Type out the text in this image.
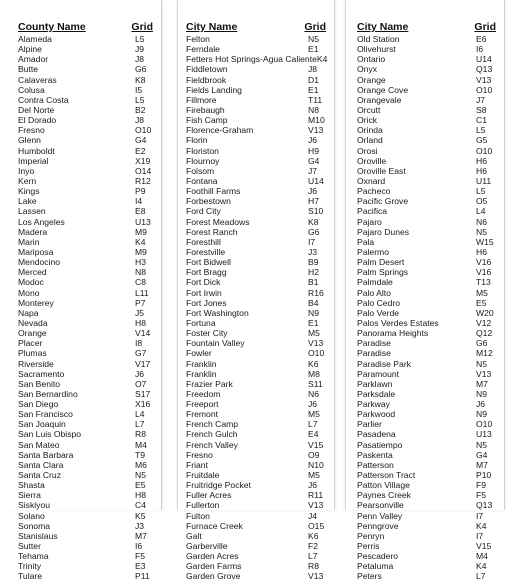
County Name	Grid
Alameda	L5
Alpine	J9
Amador	J8
Butte	G6
Calaveras	K8
Colusa	I5
Contra Costa	L5
Del Norte	B2
El Dorado	J8
Fresno	O10
Glenn	G4
Humboldt	E2
Imperial	X19
Inyo	O14
Kern	R12
Kings	P9
Lake	I4
Lassen	E8
Los Angeles	U13
Madera	M9
Marin	K4
Mariposa	M9
Mendocino	H3
Merced	N8
Modoc	C8
Mono	L11
Monterey	P7
Napa	J5
Nevada	H8
Orange	V14
Placer	I8
Plumas	G7
Riverside	V17
Sacramento	J6
San Benito	O7
San Bernardino	S17
San Diego	X16
San Francisco	L4
San Joaquin	L7
San Luis Obispo	R8
San Mateo	M4
Santa Barbara	T9
Santa Clara	M6
Santa Cruz	N5
Shasta	E5
Sierra	H8
Siskiyou	C4
Solano	K5
Sonoma	J3
Stanislaus	M7
Sutter	I6
Tehama	F5
Trinity	E3
Tulare	P11
City Name	Grid
Felton	N5
Ferndale	E1
Fetters Hot Springs-Agua Caliente K4
Fiddletown	J8
Fieldbrook	D1
Fields Landing	E1
Fillmore	T11
Firebaugh	N8
Fish Camp	M10
Florence-Graham	V13
Florin	J6
Floriston	H9
Flournoy	G4
Folsom	J7
Fontana	U14
Foothill Farms	J6
Forbestown	H7
Ford City	S10
Forest Meadows	K8
Forest Ranch	G6
Foresthill	I7
Forestville	J3
Fort Bidwell	B9
Fort Bragg	H2
Fort Dick	B1
Fort Irwin	R16
Fort Jones	B4
Fort Washington	N9
Fortuna	E1
Foster City	M5
Fountain Valley	V13
Fowler	O10
Franklin	K6
Franklin	M8
Frazier Park	S11
Freedom	N6
Freeport	J6
Fremont	M5
French Camp	L7
French Gulch	E4
French Valley	V15
Fresno	O9
Friant	N10
Fruitdale	M5
Fruitridge Pocket	J6
Fuller Acres	R11
Fullerton	V13
Fulton	J4
Furnace Creek	O15
Galt	K6
Garberville	F2
Garden Acres	L7
Garden Farms	R8
Garden Grove	V13
City Name	Grid
Old Station	E6
Olivehurst	I6
Ontario	U14
Onyx	Q13
Orange	V13
Orange Cove	O10
Orangevale	J7
Orcutt	S8
Orick	C1
Orinda	L5
Orland	G5
Orosi	O10
Oroville	H6
Oroville East	H6
Oxnard	U11
Pacheco	L5
Pacific Grove	O5
Pacifica	L4
Pajaro	N6
Pajaro Dunes	N5
Pala	W15
Palermo	H6
Palm Desert	V16
Palm Springs	V16
Palmdale	T13
Palo Alto	M5
Palo Cedro	E5
Palo Verde	W20
Palos Verdes Estates	V12
Panorama Heights	Q12
Paradise	G6
Paradise	M12
Paradise Park	N5
Paramount	V13
Parklawn	M7
Parksdale	N9
Parkway	J6
Parkwood	N9
Parlier	O10
Pasadena	U13
Pasatiempo	N5
Paskenta	G4
Patterson	M7
Patterson Tract	P10
Patton Village	F9
Paynes Creek	F5
Pearsonville	Q13
Penn Valley	I7
Penngrove	K4
Penryn	I7
Perris	V15
Pescadero	M4
Petaluma	K4
Peters	L7
